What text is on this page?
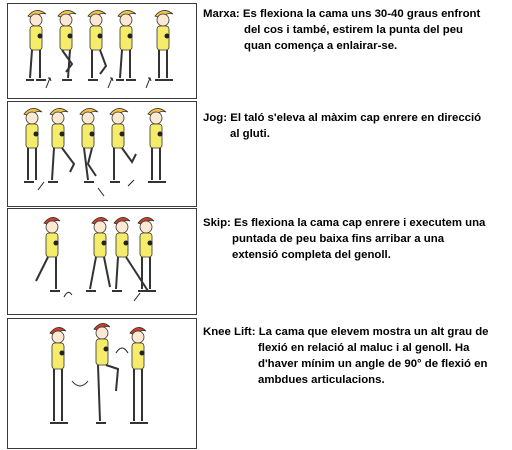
Marxa: Es flexiona la cama uns 30-40 graus enfront
del cos i també, estirem la punta del peu
quan comença a enlairar-se.
Jog: El taló s'eleva al màxim cap enrere en direcció
al gluti.
Skip: Es flexiona la cama cap enrere i executem una
puntada de peu baixa fins arribar a una
extensió completa del genoll.
Knee Lift: La cama que elevem mostra un alt grau de
flexió en relació al maluc i al genoll. Ha
d'haver mínim un angle de 90° de flexió en
ambdues articulacions.
